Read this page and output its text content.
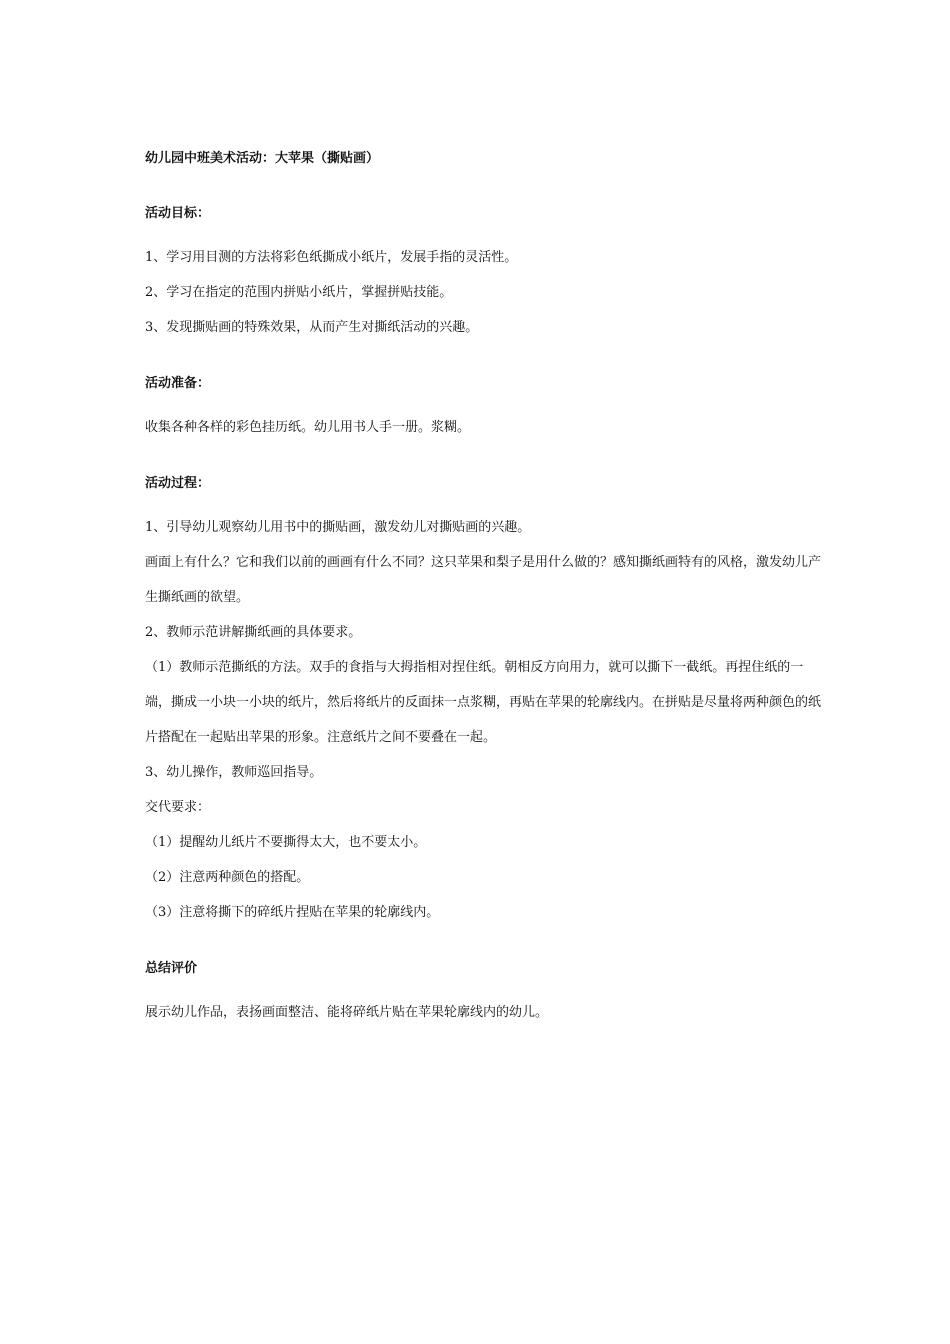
幼儿园中班美术活动：大苹果（撕贴画）

活动目标：

1、学习用目测的方法将彩色纸撕成小纸片，发展手指的灵活性。

2、学习在指定的范围内拼贴小纸片，掌握拼贴技能。

3、发现撕贴画的特殊效果，从而产生对撕纸活动的兴趣。

活动准备：

收集各种各样的彩色挂历纸。幼儿用书人手一册。浆糊。

活动过程：

1、引导幼儿观察幼儿用书中的撕贴画，激发幼儿对撕贴画的兴趣。

画面上有什么？它和我们以前的画画有什么不同？这只苹果和梨子是用什么做的？感知撕纸画特有的风格，激发幼儿产生撕纸画的欲望。

2、教师示范讲解撕纸画的具体要求。

（1）教师示范撕纸的方法。双手的食指与大拇指相对捏住纸。朝相反方向用力，就可以撕下一截纸。再捏住纸的一端，撕成一小块一小块的纸片，然后将纸片的反面抹一点浆糊，再贴在苹果的轮廓线内。在拼贴是尽量将两种颜色的纸片搭配在一起贴出苹果的形象。注意纸片之间不要叠在一起。

3、幼儿操作，教师巡回指导。

交代要求：

（1）提醒幼儿纸片不要撕得太大，也不要太小。

（2）注意两种颜色的搭配。

（3）注意将撕下的碎纸片捏贴在苹果的轮廓线内。

总结评价

展示幼儿作品，表扬画面整洁、能将碎纸片贴在苹果轮廓线内的幼儿。
